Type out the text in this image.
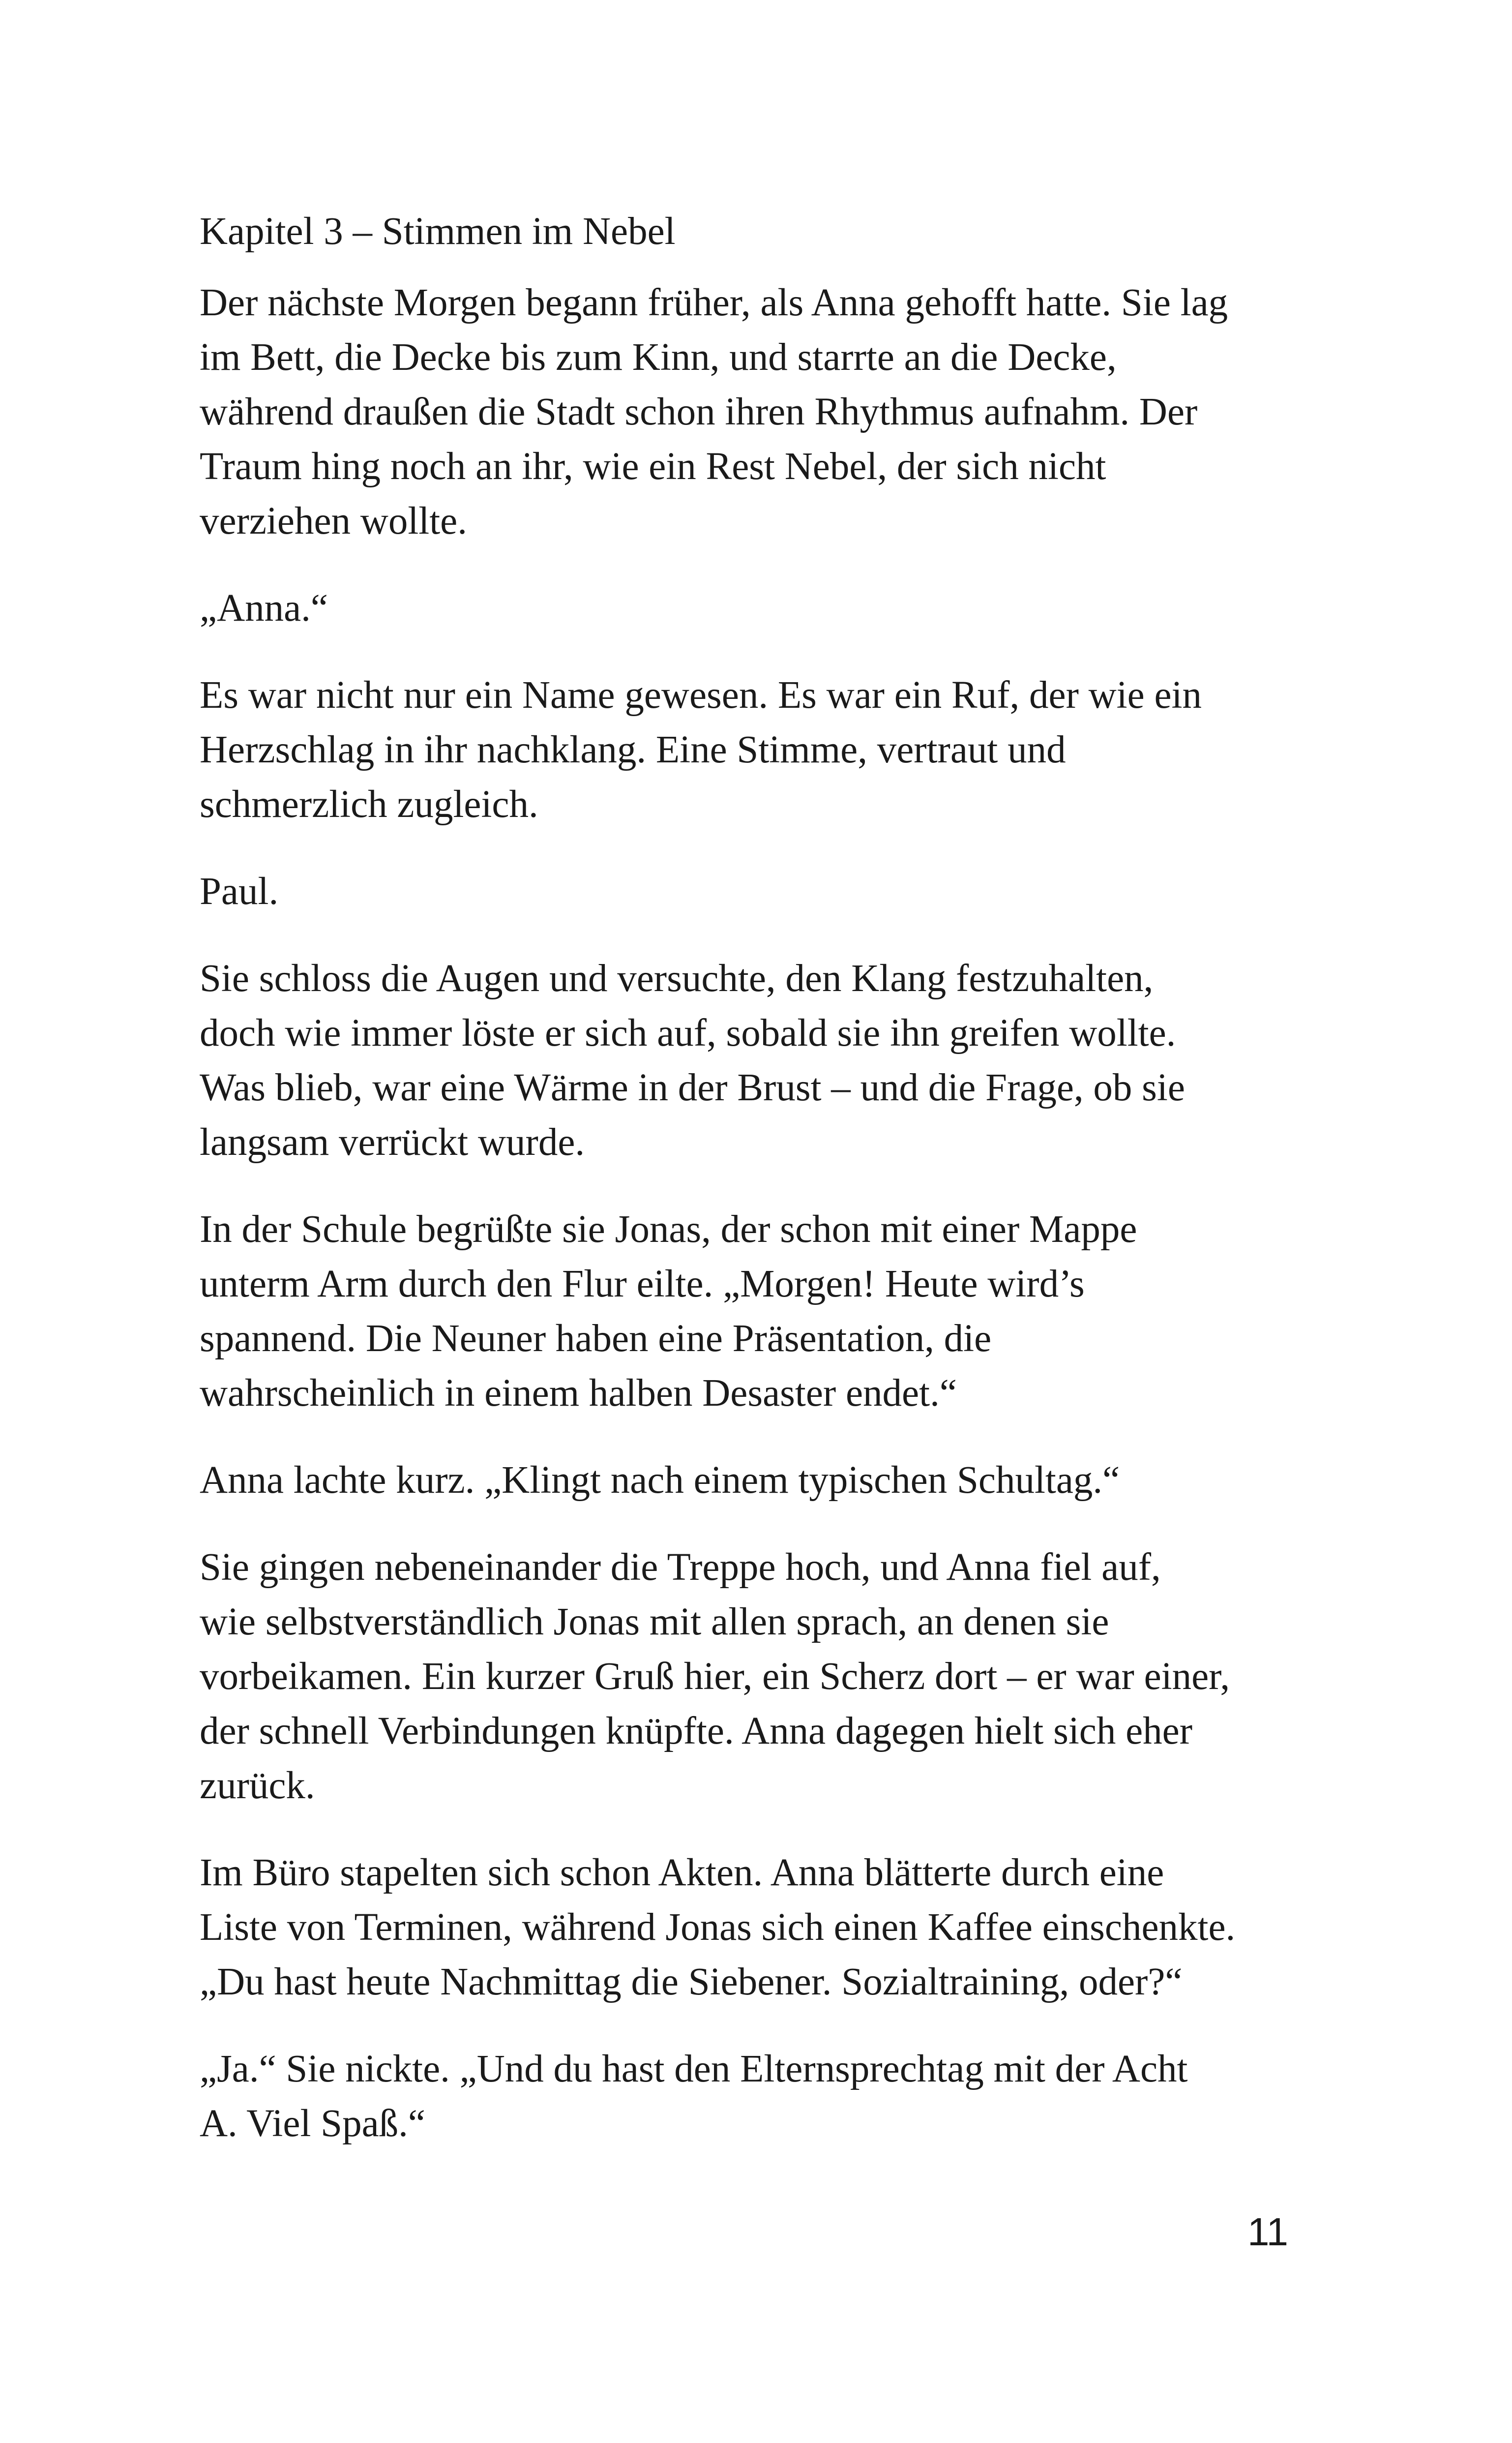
Kapitel 3 – Stimmen im Nebel

Der nächste Morgen begann früher, als Anna gehofft hatte. Sie lag
im Bett, die Decke bis zum Kinn, und starrte an die Decke,
während draußen die Stadt schon ihren Rhythmus aufnahm. Der
Traum hing noch an ihr, wie ein Rest Nebel, der sich nicht
verziehen wollte.

„Anna.“

Es war nicht nur ein Name gewesen. Es war ein Ruf, der wie ein
Herzschlag in ihr nachklang. Eine Stimme, vertraut und
schmerzlich zugleich.

Paul.

Sie schloss die Augen und versuchte, den Klang festzuhalten,
doch wie immer löste er sich auf, sobald sie ihn greifen wollte.
Was blieb, war eine Wärme in der Brust – und die Frage, ob sie
langsam verrückt wurde.

In der Schule begrüßte sie Jonas, der schon mit einer Mappe
unterm Arm durch den Flur eilte. „Morgen! Heute wird’s
spannend. Die Neuner haben eine Präsentation, die
wahrscheinlich in einem halben Desaster endet.“

Anna lachte kurz. „Klingt nach einem typischen Schultag.“

Sie gingen nebeneinander die Treppe hoch, und Anna fiel auf,
wie selbstverständlich Jonas mit allen sprach, an denen sie
vorbeikamen. Ein kurzer Gruß hier, ein Scherz dort – er war einer,
der schnell Verbindungen knüpfte. Anna dagegen hielt sich eher
zurück.

Im Büro stapelten sich schon Akten. Anna blätterte durch eine
Liste von Terminen, während Jonas sich einen Kaffee einschenkte.
„Du hast heute Nachmittag die Siebener. Sozialtraining, oder?“

„Ja.“ Sie nickte. „Und du hast den Elternsprechtag mit der Acht
A. Viel Spaß.“

11
